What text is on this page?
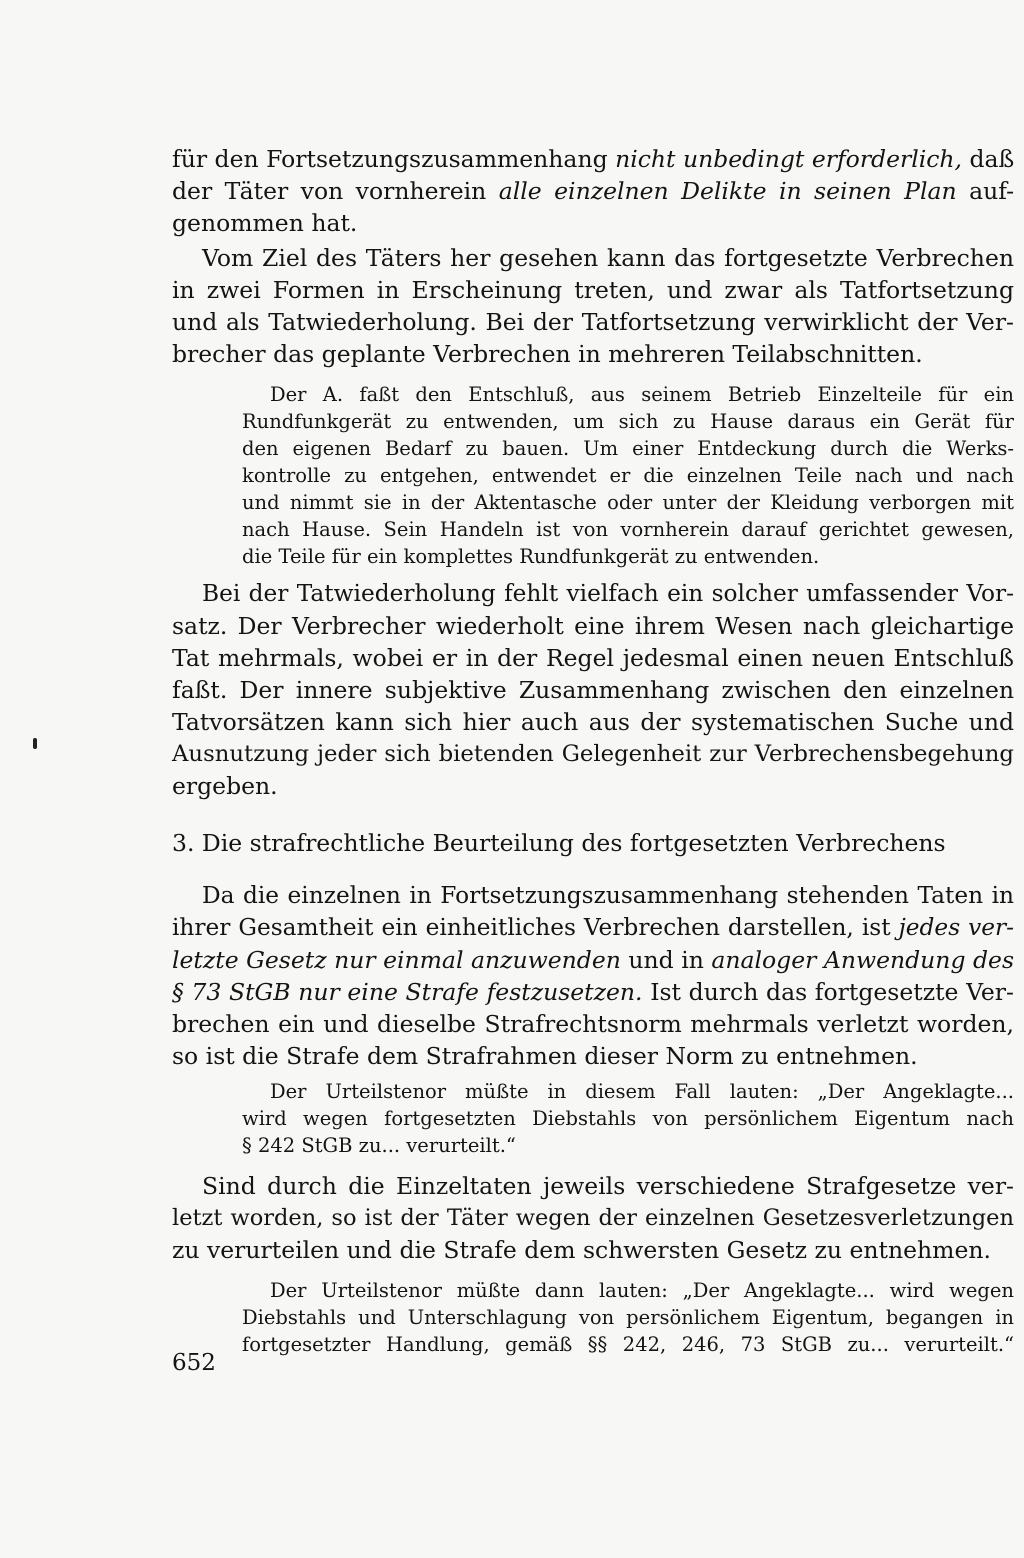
für den Fortsetzungszusammenhang nicht unbedingt erforderlich, daß
der Täter von vornherein alle einzelnen Delikte in seinen Plan auf-
genommen hat.

Vom Ziel des Täters her gesehen kann das fortgesetzte Verbrechen
in zwei Formen in Erscheinung treten, und zwar als Tatfortsetzung
und als Tatwiederholung. Bei der Tatfortsetzung verwirklicht der Ver-
brecher das geplante Verbrechen in mehreren Teilabschnitten.

Der A. faßt den Entschluß, aus seinem Betrieb Einzelteile für ein
Rundfunkgerät zu entwenden, um sich zu Hause daraus ein Gerät für
den eigenen Bedarf zu bauen. Um einer Entdeckung durch die Werks-
kontrolle zu entgehen, entwendet er die einzelnen Teile nach und nach
und nimmt sie in der Aktentasche oder unter der Kleidung verborgen mit
nach Hause. Sein Handeln ist von vornherein darauf gerichtet gewesen,
die Teile für ein komplettes Rundfunkgerät zu entwenden.

Bei der Tatwiederholung fehlt vielfach ein solcher umfassender Vor-
satz. Der Verbrecher wiederholt eine ihrem Wesen nach gleichartige
Tat mehrmals, wobei er in der Regel jedesmal einen neuen Entschluß
faßt. Der innere subjektive Zusammenhang zwischen den einzelnen
Tatvorsätzen kann sich hier auch aus der systematischen Suche und
Ausnutzung jeder sich bietenden Gelegenheit zur Verbrechensbegehung
ergeben.

3. Die strafrechtliche Beurteilung des fortgesetzten Verbrechens

Da die einzelnen in Fortsetzungszusammenhang stehenden Taten in
ihrer Gesamtheit ein einheitliches Verbrechen darstellen, ist jedes ver-
letzte Gesetz nur einmal anzuwenden und in analoger Anwendung des
§ 73 StGB nur eine Strafe festzusetzen. Ist durch das fortgesetzte Ver-
brechen ein und dieselbe Strafrechtsnorm mehrmals verletzt worden,
so ist die Strafe dem Strafrahmen dieser Norm zu entnehmen.

Der Urteilstenor müßte in diesem Fall lauten: „Der Angeklagte...
wird wegen fortgesetzten Diebstahls von persönlichem Eigentum nach
§ 242 StGB zu... verurteilt.“

Sind durch die Einzeltaten jeweils verschiedene Strafgesetze ver-
letzt worden, so ist der Täter wegen der einzelnen Gesetzesverletzungen
zu verurteilen und die Strafe dem schwersten Gesetz zu entnehmen.

Der Urteilstenor müßte dann lauten: „Der Angeklagte... wird wegen
Diebstahls und Unterschlagung von persönlichem Eigentum, begangen in
fortgesetzter Handlung, gemäß §§ 242, 246, 73 StGB zu... verurteilt.“

652
